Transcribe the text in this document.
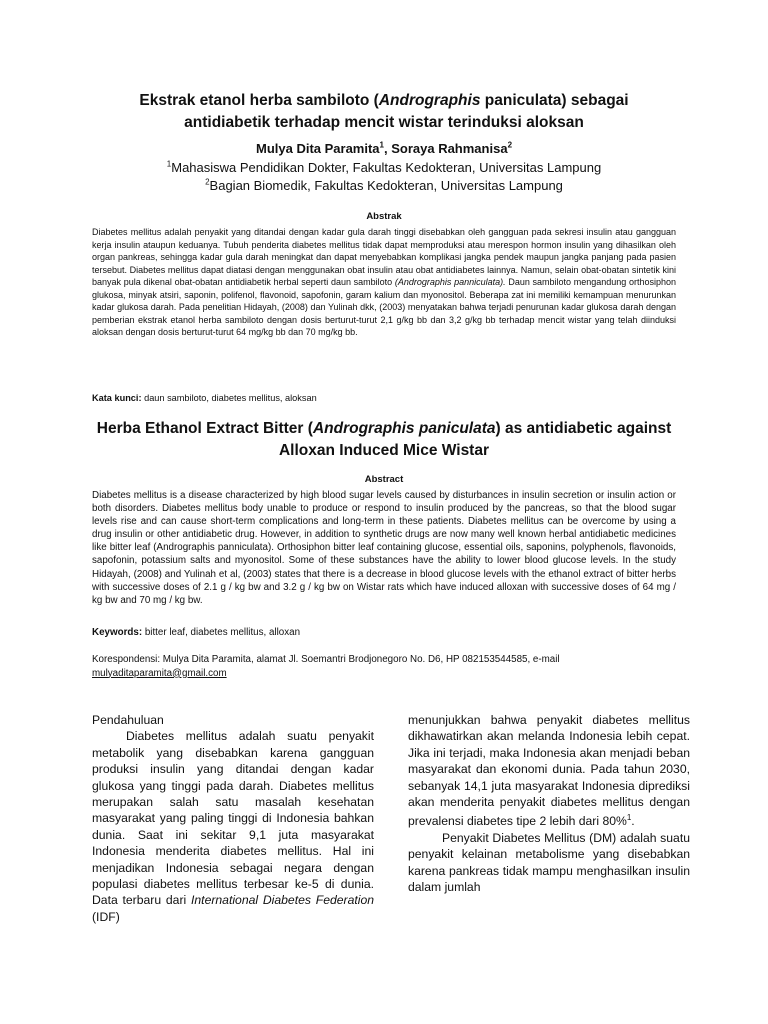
Ekstrak etanol herba sambiloto (Andrographis paniculata) sebagai
antidiabetik terhadap mencit wistar terinduksi aloksan
Mulya Dita Paramita$^1$, Soraya Rahmanisa$^2$
$^1$Mahasiswa Pendidikan Dokter, Fakultas Kedokteran, Universitas Lampung
$^2$Bagian Biomedik, Fakultas Kedokteran, Universitas Lampung
Abstrak
Diabetes mellitus adalah penyakit yang ditandai dengan kadar gula darah tinggi disebabkan oleh gangguan pada sekresi insulin atau gangguan kerja insulin ataupun keduanya. Tubuh penderita diabetes mellitus tidak dapat memproduksi atau merespon hormon insulin yang dihasilkan oleh organ pankreas, sehingga kadar gula darah meningkat dan dapat menyebabkan komplikasi jangka pendek maupun jangka panjang pada pasien tersebut. Diabetes mellitus dapat diatasi dengan menggunakan obat insulin atau obat antidiabetes lainnya. Namun, selain obat-obatan sintetik kini banyak pula dikenal obat-obatan antidiabetik herbal seperti daun sambiloto (Andrographis panniculata). Daun sambiloto mengandung orthosiphon glukosa, minyak atsiri, saponin, polifenol, flavonoid, sapofonin, garam kalium dan myonositol. Beberapa zat ini memiliki kemampuan menurunkan kadar glukosa darah. Pada penelitian Hidayah, (2008) dan Yulinah dkk, (2003) menyatakan bahwa terjadi penurunan kadar glukosa darah dengan pemberian ekstrak etanol herba sambiloto dengan dosis berturut-turut 2,1 g/kg bb dan 3,2 g/kg bb terhadap mencit wistar yang telah diinduksi aloksan dengan dosis berturut-turut 64 mg/kg bb dan 70 mg/kg bb.
Kata kunci: daun sambiloto, diabetes mellitus, aloksan
Herba Ethanol Extract Bitter (Andrographis paniculata) as antidiabetic against
Alloxan Induced Mice Wistar
Abstract
Diabetes mellitus is a disease characterized by high blood sugar levels caused by disturbances in insulin secretion or insulin action or both disorders. Diabetes mellitus body unable to produce or respond to insulin produced by the pancreas, so that the blood sugar levels rise and can cause short-term complications and long-term in these patients. Diabetes mellitus can be overcome by using a drug insulin or other antidiabetic drug. However, in addition to synthetic drugs are now many well known herbal antidiabetic medicines like bitter leaf (Andrographis panniculata). Orthosiphon bitter leaf containing glucose, essential oils, saponins, polyphenols, flavonoids, sapofonin, potassium salts and myonositol. Some of these substances have the ability to lower blood glucose levels. In the study Hidayah, (2008) and Yulinah et al, (2003) states that there is a decrease in blood glucose levels with the ethanol extract of bitter herbs with successive doses of 2.1 g / kg bw and 3.2 g / kg bw on Wistar rats which have induced alloxan with successive doses of 64 mg / kg bw and 70 mg / kg bw.
Keywords: bitter leaf, diabetes mellitus, alloxan
Korespondensi: Mulya Dita Paramita, alamat Jl. Soemantri Brodjonegoro No. D6, HP 082153544585, e-mail
mulyaditaparamita@gmail.com

Pendahuluan

Diabetes mellitus adalah suatu penyakit metabolik yang disebabkan karena gangguan produksi insulin yang ditandai dengan kadar glukosa yang tinggi pada darah. Diabetes mellitus merupakan salah satu masalah kesehatan masyarakat yang paling tinggi di Indonesia bahkan dunia. Saat ini sekitar 9,1 juta masyarakat Indonesia menderita diabetes mellitus. Hal ini menjadikan Indonesia sebagai negara dengan populasi diabetes mellitus terbesar ke-5 di dunia. Data terbaru dari International Diabetes Federation (IDF)

menunjukkan bahwa penyakit diabetes mellitus dikhawatirkan akan melanda Indonesia lebih cepat. Jika ini terjadi, maka Indonesia akan menjadi beban masyarakat dan ekonomi dunia. Pada tahun 2030, sebanyak 14,1 juta masyarakat Indonesia diprediksi akan menderita penyakit diabetes mellitus dengan prevalensi diabetes tipe 2 lebih dari 80%$^1$.

Penyakit Diabetes Mellitus (DM) adalah suatu penyakit kelainan metabolisme yang disebabkan karena pankreas tidak mampu menghasilkan insulin dalam jumlah
